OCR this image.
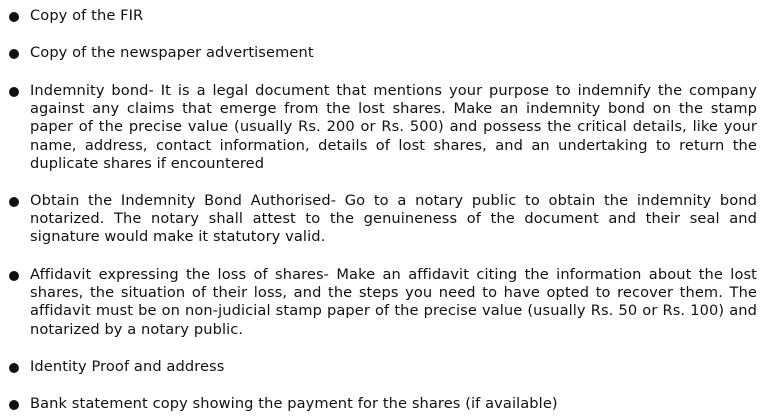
Copy of the FIR
Copy of the newspaper advertisement
Indemnity bond- It is a legal document that mentions your purpose to indemnify the company against any claims that emerge from the lost shares. Make an indemnity bond on the stamp paper of the precise value (usually Rs. 200 or Rs. 500) and possess the critical details, like your name, address, contact information, details of lost shares, and an undertaking to return the duplicate shares if encountered
Obtain the Indemnity Bond Authorised- Go to a notary public to obtain the indemnity bond notarized. The notary shall attest to the genuineness of the document and their seal and signature would make it statutory valid.
Affidavit expressing the loss of shares- Make an affidavit citing the information about the lost shares, the situation of their loss, and the steps you need to have opted to recover them. The affidavit must be on non-judicial stamp paper of the precise value (usually Rs. 50 or Rs. 100) and notarized by a notary public.
Identity Proof and address
Bank statement copy showing the payment for the shares (if available)
